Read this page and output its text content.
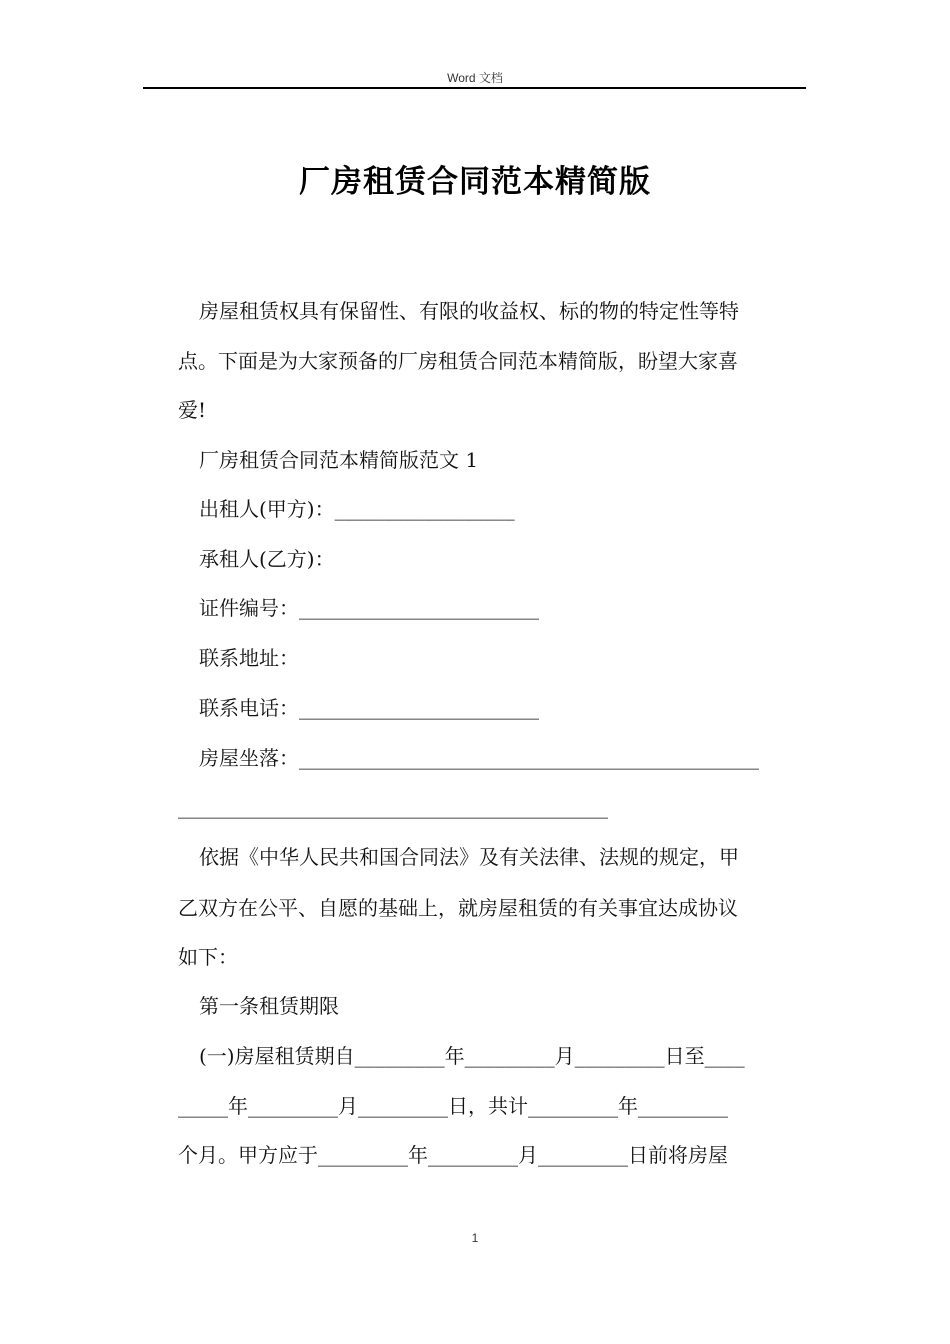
Word 文档
厂房租赁合同范本精简版
房屋租赁权具有保留性、有限的收益权、标的物的特定性等特
点。下面是为大家预备的厂房租赁合同范本精简版，盼望大家喜
爱!
厂房租赁合同范本精简版范文 1
出租人(甲方)：__________________
承租人(乙方)：
证件编号：________________________
联系地址：
联系电话：________________________
房屋坐落：______________________________________________
___________________________________________
依据《中华人民共和国合同法》及有关法律、法规的规定，甲
乙双方在公平、自愿的基础上，就房屋租赁的有关事宜达成协议
如下：
第一条租赁期限
(一)房屋租赁期自_________年_________月_________日至____
_____年_________月_________日，共计_________年_________
个月。甲方应于_________年_________月_________日前将房屋
1
